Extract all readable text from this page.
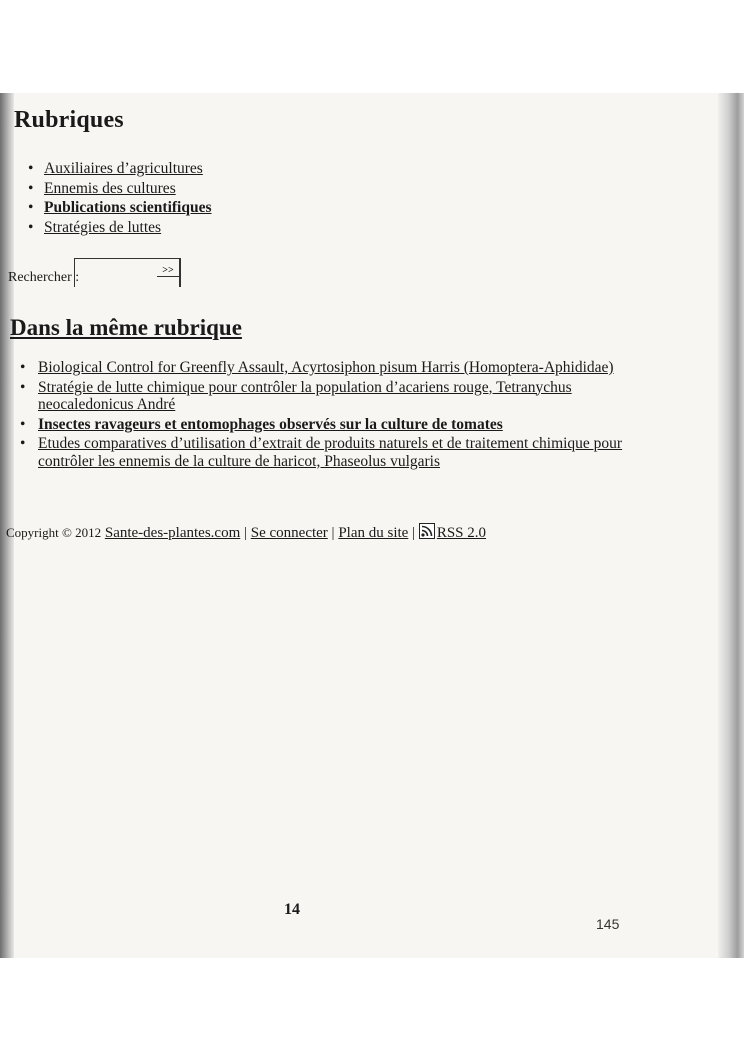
Rubriques
• Auxiliaires d’agricultures
• Ennemis des cultures
• Publications scientifiques
• Stratégies de luttes
Rechercher :	>>
Dans la même rubrique
• Biological Control for Greenfly Assault, Acyrtosiphon pisum Harris (Homoptera-Aphididae)
• Stratégie de lutte chimique pour contrôler la population d’acariens rouge, Tetranychus neocaledonicus André
• Insectes ravageurs et entomophages observés sur la culture de tomates
• Etudes comparatives d’utilisation d’extrait de produits naturels et de traitement chimique pour contrôler les ennemis de la culture de haricot, Phaseolus vulgaris
Copyright © 2012 Sante-des-plantes.com | Se connecter | Plan du site | RSS 2.0
14
145
